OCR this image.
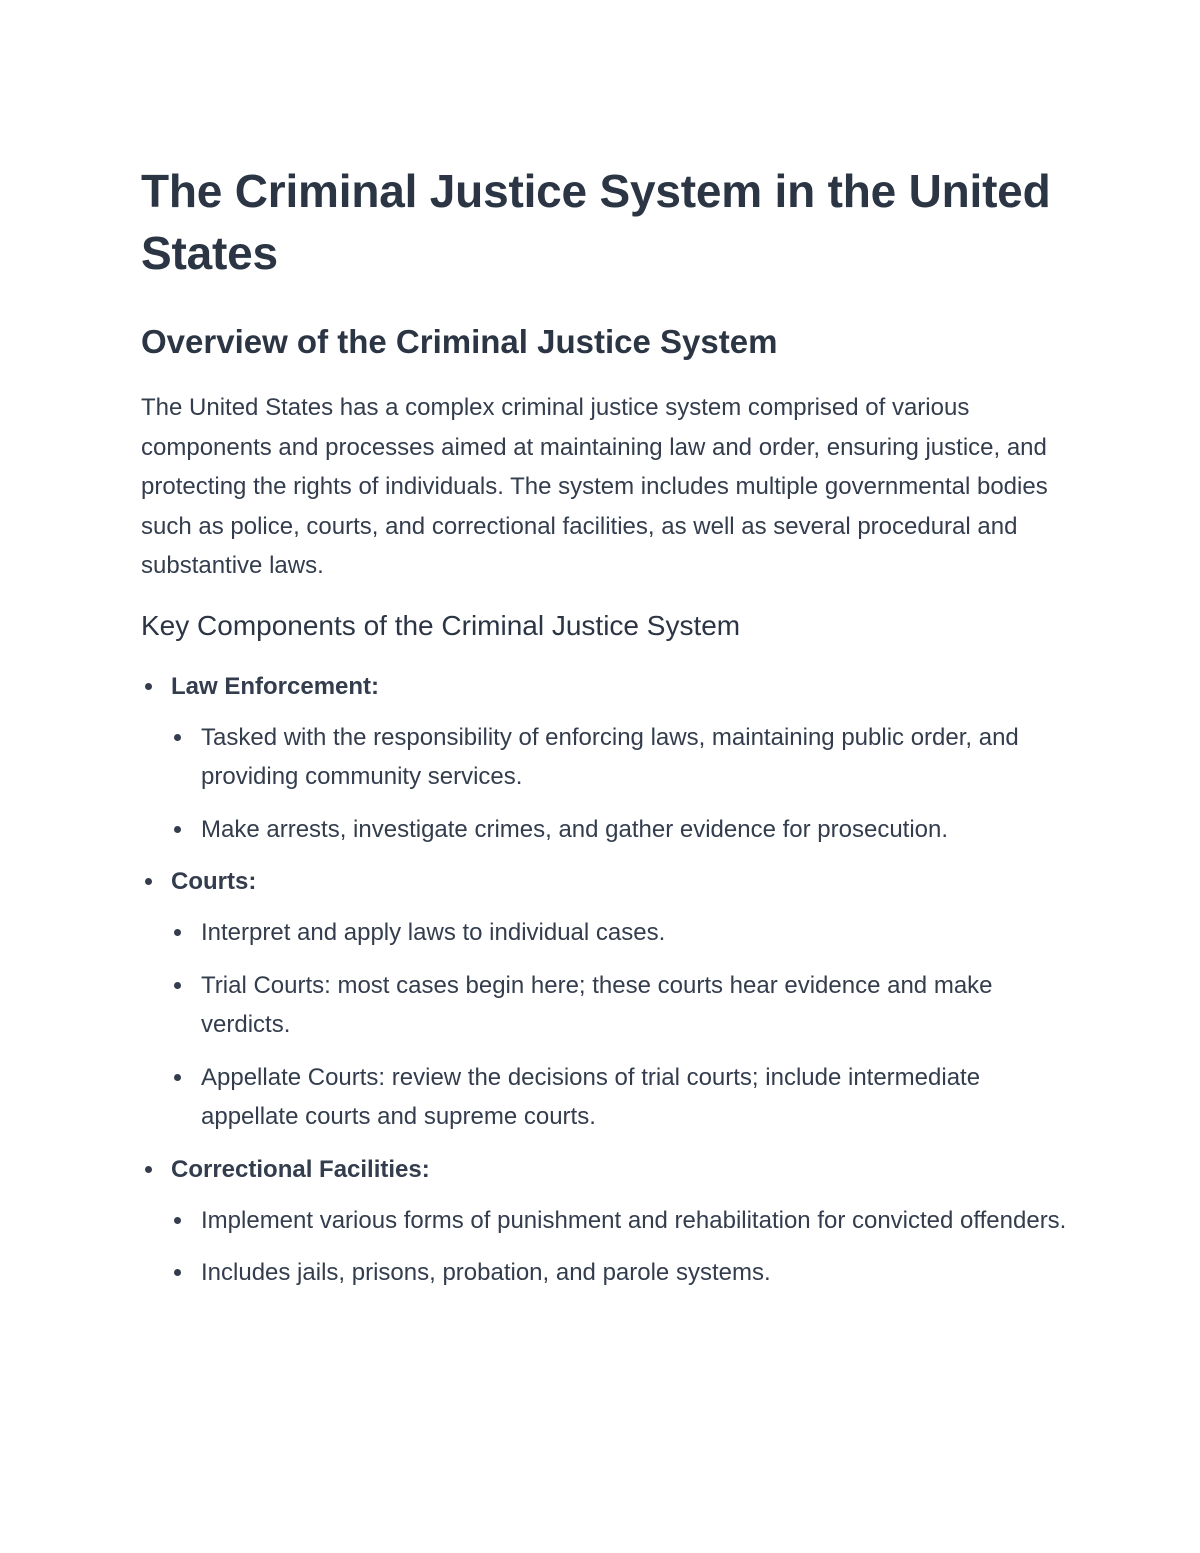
The Criminal Justice System in the United States
Overview of the Criminal Justice System

The United States has a complex criminal justice system comprised of various components and processes aimed at maintaining law and order, ensuring justice, and protecting the rights of individuals. The system includes multiple governmental bodies such as police, courts, and correctional facilities, as well as several procedural and substantive laws.

Key Components of the Criminal Justice System
Law Enforcement:
Tasked with the responsibility of enforcing laws, maintaining public order, and providing community services.
Make arrests, investigate crimes, and gather evidence for prosecution.
Courts:
Interpret and apply laws to individual cases.
Trial Courts: most cases begin here; these courts hear evidence and make verdicts.
Appellate Courts: review the decisions of trial courts; include intermediate appellate courts and supreme courts.
Correctional Facilities:
Implement various forms of punishment and rehabilitation for convicted offenders.
Includes jails, prisons, probation, and parole systems.
